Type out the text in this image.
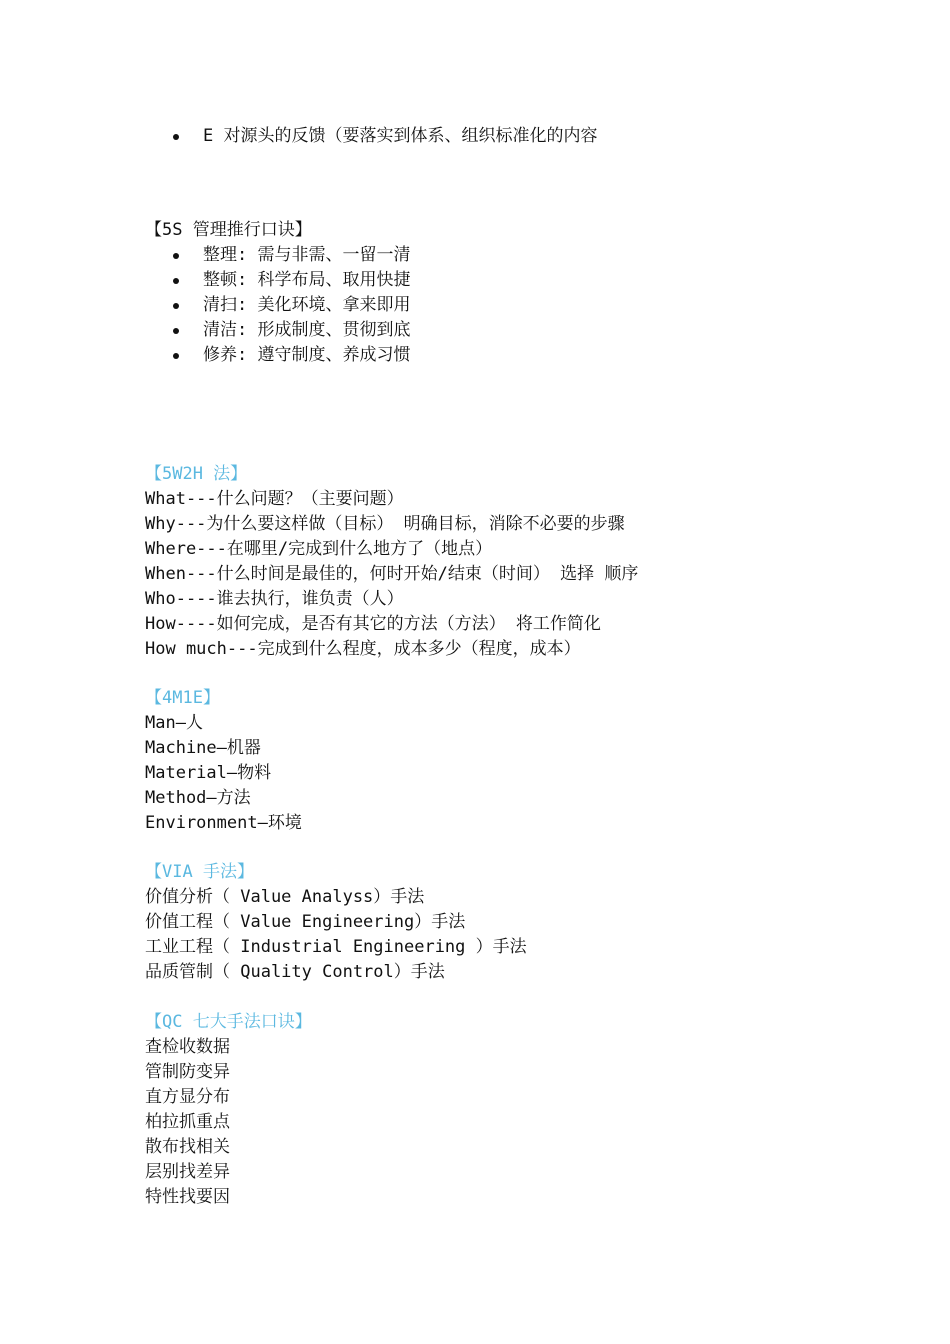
E 对源头的反馈（要落实到体系、组织标准化的内容
【5S 管理推行口诀】
整理: 需与非需、一留一清
整顿: 科学布局、取用快捷
清扫: 美化环境、拿来即用
清洁: 形成制度、贯彻到底
修养: 遵守制度、养成习惯
【5W2H 法】
What---什么问题？（主要问题）
Why---为什么要这样做（目标） 明确目标，消除不必要的步骤
Where---在哪里/完成到什么地方了（地点）
When---什么时间是最佳的，何时开始/结束（时间） 选择 顺序
Who----谁去执行，谁负责（人）
How----如何完成，是否有其它的方法（方法） 将工作简化
How much---完成到什么程度，成本多少（程度，成本）
【4M1E】
Man—人
Machine—机器
Material—物料
Method—方法
Environment—环境
【VIA 手法】
价值分析（ Value Analyss）手法
价值工程（ Value Engineering）手法
工业工程（ Industrial Engineering ）手法
品质管制（ Quality Control）手法
【QC 七大手法口诀】
查检收数据
管制防变异
直方显分布
柏拉抓重点
散布找相关
层别找差异
特性找要因
